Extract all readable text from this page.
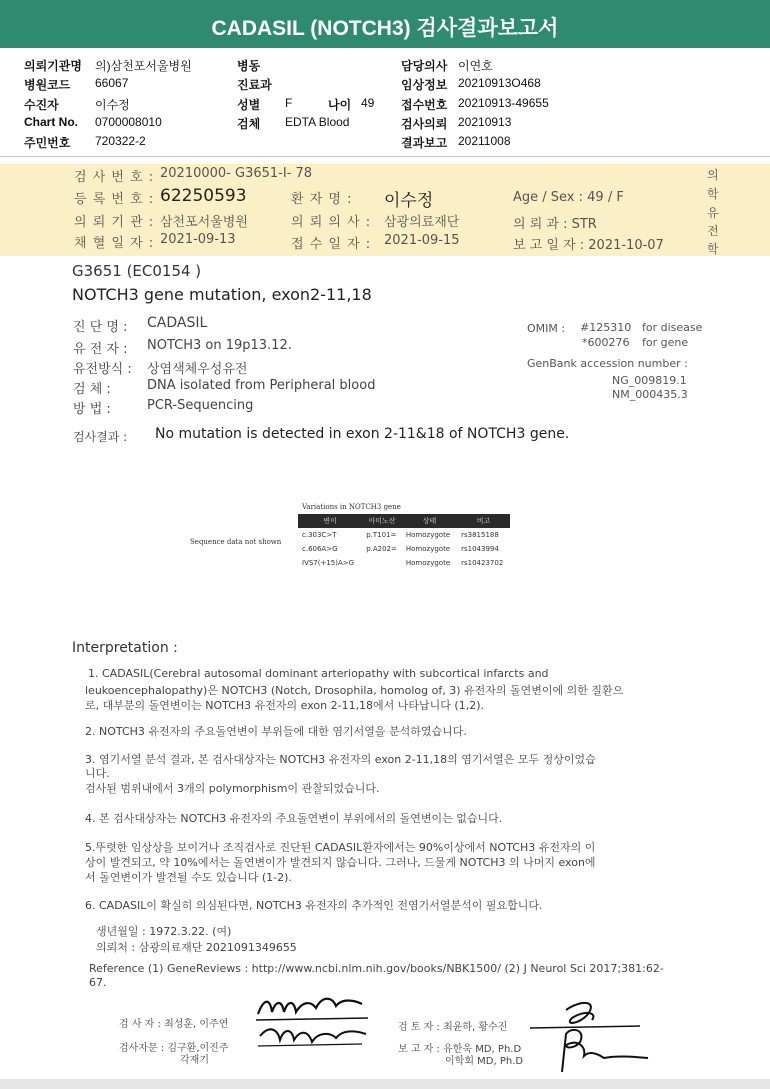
CADASIL (NOTCH3) 검사결과보고서
의뢰기관명 의)삼천포서울병원
병원코드 66067
수진자	이수정
Chart No. 0700008010
주민번호 720322-2
병동
진료과
성별 F	나이 49
검체 EDTA Blood
담당의사 이연호
임상정보 20210913O468
접수번호 20210913-49655
검사의뢰 20210913
결과보고 20211008
검 사 번 호 : 20210000- G3651-I- 78
등 록 번 호 : 62250593	환 자 명 : 이수정	Age / Sex : 49 / F
의 뢰 기 관 : 삼천포서울병원	의 뢰 의 사 : 삼광의료재단	의 뢰 과 : STR
채 혈 일 자 : 2021-09-13	접 수 일 자 : 2021-09-15	보 고 일 자 : 2021-10-07
의
학
유
전
학
G3651 (EC0154 )
NOTCH3 gene mutation, exon2-11,18
진 단 명 : CADASIL
유 전 자 : NOTCH3 on 19p13.12.
유전방식 : 상염색체우성유전
검 체 :	DNA isolated from Peripheral blood
방 법 :	PCR-Sequencing
OMIM : #125310 for disease
*600276 for gene
GenBank accession number :
NG_009819.1
NM_000435.3
검사결과 : No mutation is detected in exon 2-11&18 of NOTCH3 gene.
Variations in NOTCH3 gene
Sequence data not shown
변이	아미노산	상태	비고
c.303C>T	p.T101=	Homozygote	rs3815188
c.606A>G	p.A202=	Homozygote	rs1043994
IVS7(+15)A>G		Homozygote	rs10423702
Interpretation :
1. CADASIL(Cerebral autosomal dominant arteriopathy with subcortical infarcts and
leukoencephalopathy)은 NOTCH3 (Notch, Drosophila, homolog of, 3) 유전자의 돌연변이에 의한 질환으
로, 대부분의 돌연변이는 NOTCH3 유전자의 exon 2-11,18에서 나타납니다 (1,2).
2. NOTCH3 유전자의 주요돌연변이 부위들에 대한 염기서열을 분석하였습니다.
3. 염기서열 분석 결과, 본 검사대상자는 NOTCH3 유전자의 exon 2-11,18의 염기서열은 모두 정상이었습
니다.
검사된 범위내에서 3개의 polymorphism이 관찰되었습니다.
4. 본 검사대상자는 NOTCH3 유전자의 주요돌연변이 부위에서의 돌연변이는 없습니다.
5.뚜렷한 임상상을 보이거나 조직검사로 진단된 CADASIL환자에서는 90%이상에서 NOTCH3 유전자의 이
상이 발견되고, 약 10%에서는 돌연변이가 발견되지 않습니다. 그러나, 드물게 NOTCH3 의 나머지 exon에
서 돌연변이가 발견될 수도 있습니다 (1-2).
6. CADASIL이 확실히 의심된다면, NOTCH3 유전자의 추가적인 전염기서열분석이 필요합니다.
생년월일 : 1972.3.22. (여)
의뢰처 : 삼광의료재단 2021091349655
Reference (1) GeneReviews : http://www.ncbi.nlm.nih.gov/books/NBK1500/ (2) J Neurol Sci 2017;381:62-
67.
검 사 자 : 최성훈, 이주연
검사자문 : 김구환,이진주
각재기
검 토 자 : 최윤하, 황수진
보 고 자 : 유한욱 MD, Ph.D
이학회 MD, Ph.D
